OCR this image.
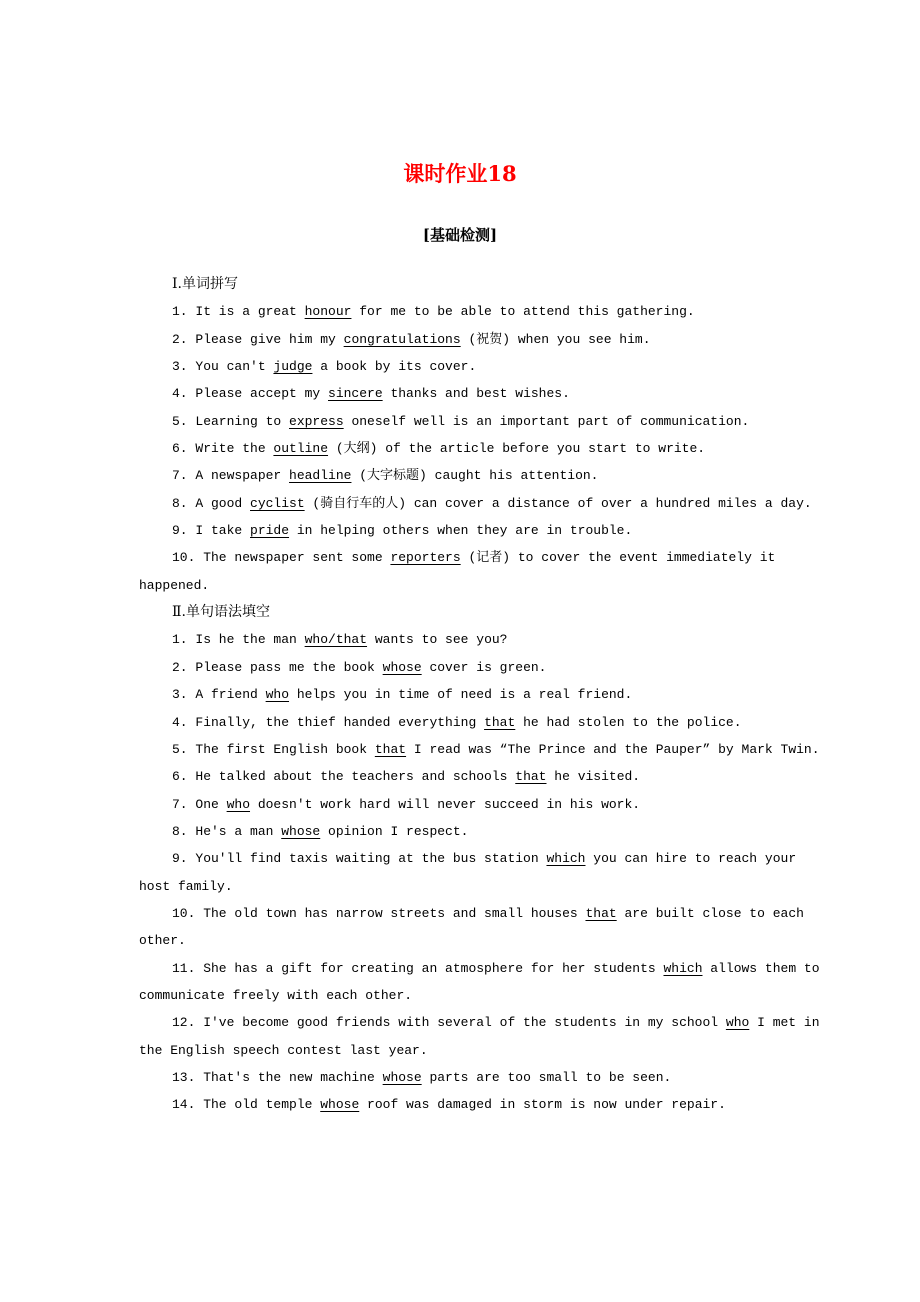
课时作业18
[基础检测]
Ⅰ.单词拼写
1. It is a great honour for me to be able to attend this gathering.
2. Please give him my congratulations (祝贺) when you see him.
3. You can't judge a book by its cover.
4. Please accept my sincere thanks and best wishes.
5. Learning to express oneself well is an important part of communication.
6. Write the outline (大纲) of the article before you start to write.
7. A newspaper headline (大字标题) caught his attention.
8. A good cyclist (骑自行车的人) can cover a distance of over a hundred miles a day.
9. I take pride in helping others when they are in trouble.
10. The newspaper sent some reporters (记者) to cover the event immediately it happened.
Ⅱ.单句语法填空
1. Is he the man who/that wants to see you?
2. Please pass me the book whose cover is green.
3. A friend who helps you in time of need is a real friend.
4. Finally, the thief handed everything that he had stolen to the police.
5. The first English book that I read was “The Prince and the Pauper” by Mark Twin.
6. He talked about the teachers and schools that he visited.
7. One who doesn't work hard will never succeed in his work.
8. He's a man whose opinion I respect.
9. You'll find taxis waiting at the bus station which you can hire to reach your host family.
10. The old town has narrow streets and small houses that are built close to each other.
11. She has a gift for creating an atmosphere for her students which allows them to communicate freely with each other.
12. I've become good friends with several of the students in my school who I met in the English speech contest last year.
13. That's the new machine whose parts are too small to be seen.
14. The old temple whose roof was damaged in storm is now under repair.
